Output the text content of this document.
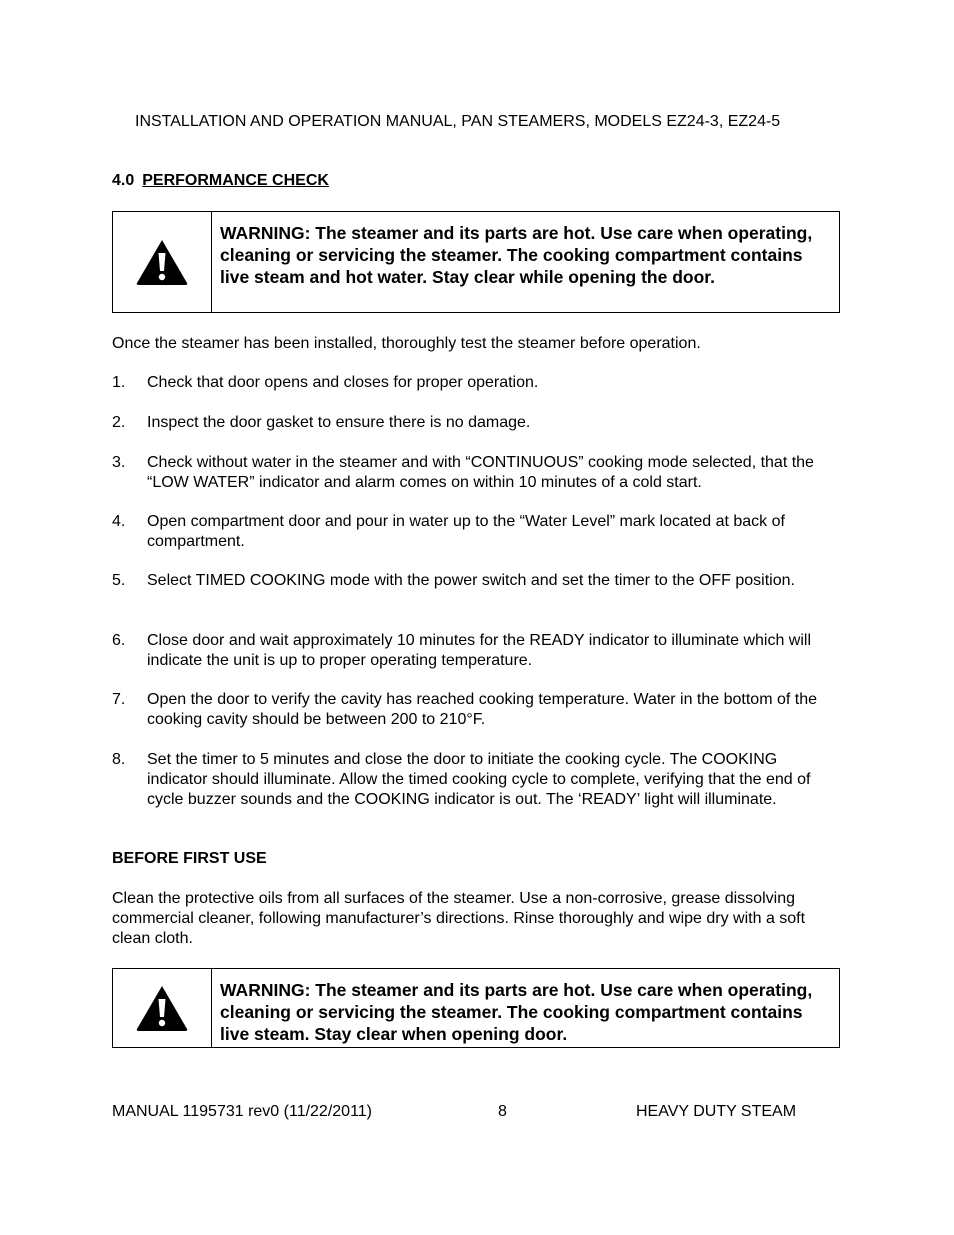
INSTALLATION AND OPERATION MANUAL, PAN STEAMERS, MODELS EZ24-3, EZ24-5
4.0 PERFORMANCE CHECK
WARNING: The steamer and its parts are hot. Use care when operating, cleaning or servicing the steamer. The cooking compartment contains live steam and hot water. Stay clear while opening the door.
Once the steamer has been installed, thoroughly test the steamer before operation.
1. Check that door opens and closes for proper operation.
2. Inspect the door gasket to ensure there is no damage.
3. Check without water in the steamer and with “CONTINUOUS” cooking mode selected, that the “LOW WATER” indicator and alarm comes on within 10 minutes of a cold start.
4. Open compartment door and pour in water up to the “Water Level” mark located at back of compartment.
5. Select TIMED COOKING mode with the power switch and set the timer to the OFF position.
6. Close door and wait approximately 10 minutes for the READY indicator to illuminate which will indicate the unit is up to proper operating temperature.
7. Open the door to verify the cavity has reached cooking temperature. Water in the bottom of the cooking cavity should be between 200 to 210°F.
8. Set the timer to 5 minutes and close the door to initiate the cooking cycle. The COOKING indicator should illuminate. Allow the timed cooking cycle to complete, verifying that the end of cycle buzzer sounds and the COOKING indicator is out. The ‘READY’ light will illuminate.
BEFORE FIRST USE
Clean the protective oils from all surfaces of the steamer. Use a non-corrosive, grease dissolving commercial cleaner, following manufacturer’s directions. Rinse thoroughly and wipe dry with a soft clean cloth.
WARNING: The steamer and its parts are hot. Use care when operating, cleaning or servicing the steamer. The cooking compartment contains live steam. Stay clear when opening door.
MANUAL 1195731 rev0 (11/22/2011)	8	HEAVY DUTY STEAM
